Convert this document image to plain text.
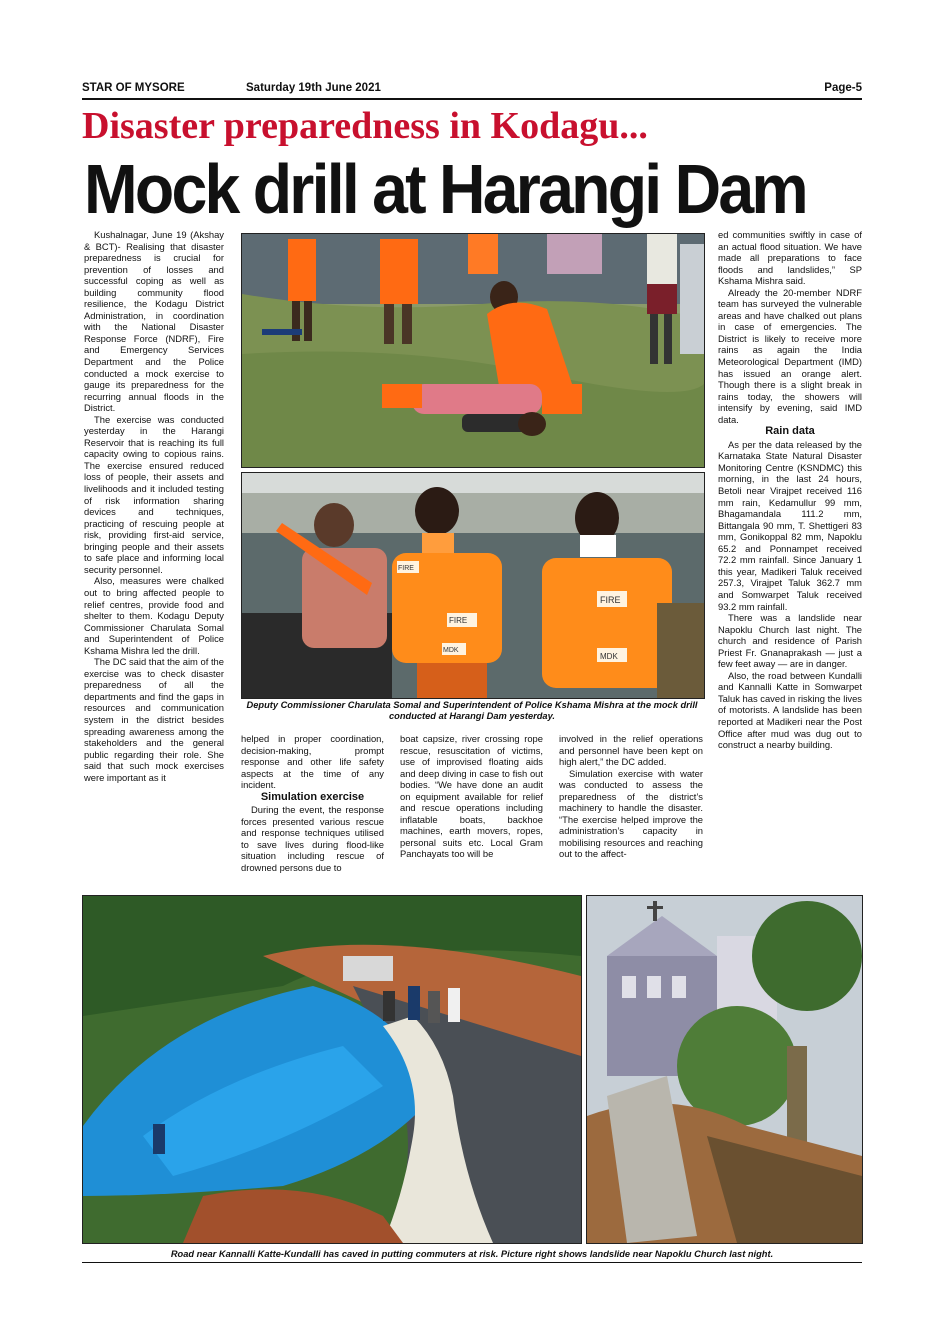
STAR OF MYSORE	Saturday 19th June 2021	Page-5
Disaster preparedness in Kodagu...
Mock drill at Harangi Dam

Kushalnagar, June 19 (Akshay & BCT)- Realising that disaster preparedness is crucial for prevention of losses and successful coping as well as building community flood resilience, the Kodagu District Administration, in coordination with the National Disaster Response Force (NDRF), Fire and Emergency Services Department and the Police conducted a mock exercise to gauge its preparedness for the recurring annual floods in the District.

The exercise was conducted yesterday in the Harangi Reservoir that is reaching its full capacity owing to copious rains. The exercise ensured reduced loss of people, their assets and livelihoods and it included testing of risk information sharing devices and techniques, practicing of rescuing people at risk, providing first-aid service, bringing people and their assets to safe place and informing local security personnel.

Also, measures were chalked out to bring affected people to relief centres, provide food and shelter to them. Kodagu Deputy Commissioner Charulata Somal and Superintendent of Police Kshama Mishra led the drill.

The DC said that the aim of the exercise was to check disaster preparedness of all the departments and find the gaps in resources and communication system in the district besides spreading awareness among the stakeholders and the general public regarding their role. She said that such mock exercises were important as it

FIRE
FIRE
MDK
FIRE
MDK
Deputy Commissioner Charulata Somal and Superintendent of Police Kshama Mishra at the mock drill conducted at Harangi Dam yesterday.

helped in proper coordination, decision-making, prompt response and other life safety aspects at the time of any incident.

Simulation exercise

During the event, the response forces presented various rescue and response techniques utilised to save lives during flood-like situation including rescue of drowned persons due to

boat capsize, river crossing rope rescue, resuscitation of victims, use of improvised floating aids and deep diving in case to fish out bodies. “We have done an audit on equipment available for relief and rescue operations including inflatable boats, backhoe machines, earth movers, ropes, personal suits etc. Local Gram Panchayats too will be

involved in the relief operations and personnel have been kept on high alert,” the DC added.

Simulation exercise with water was conducted to assess the preparedness of the district’s machinery to handle the disaster. “The exercise helped improve the administration’s capacity in mobilising resources and reaching out to the affect-

ed communities swiftly in case of an actual flood situation. We have made all preparations to face floods and landslides,” SP Kshama Mishra said.

Already the 20-member NDRF team has surveyed the vulnerable areas and have chalked out plans in case of emergencies. The District is likely to receive more rains as again the India Meteorological Department (IMD) has issued an orange alert. Though there is a slight break in rains today, the showers will intensify by evening, said IMD data.

Rain data

As per the data released by the Karnataka State Natural Disaster Monitoring Centre (KSNDMC) this morning, in the last 24 hours, Betoli near Virajpet received 116 mm rain, Kedamullur 99 mm, Bhagamandala 111.2 mm, Bittangala 90 mm, T. Shettigeri 83 mm, Gonikoppal 82 mm, Napoklu 65.2 and Ponnampet received 72.2 mm rainfall. Since January 1 this year, Madikeri Taluk received 257.3, Virajpet Taluk 362.7 mm and Somwarpet Taluk received 93.2 mm rainfall.

There was a landslide near Napoklu Church last night. The church and residence of Parish Priest Fr. Gnanaprakash — just a few feet away — are in danger.

Also, the road between Kundalli and Kannalli Katte in Somwarpet Taluk has caved in risking the lives of motorists. A landslide has been reported at Madikeri near the Post Office after mud was dug out to construct a nearby building.

Road near Kannalli Katte-Kundalli has caved in putting commuters at risk. Picture right shows landslide near Napoklu Church last night.
